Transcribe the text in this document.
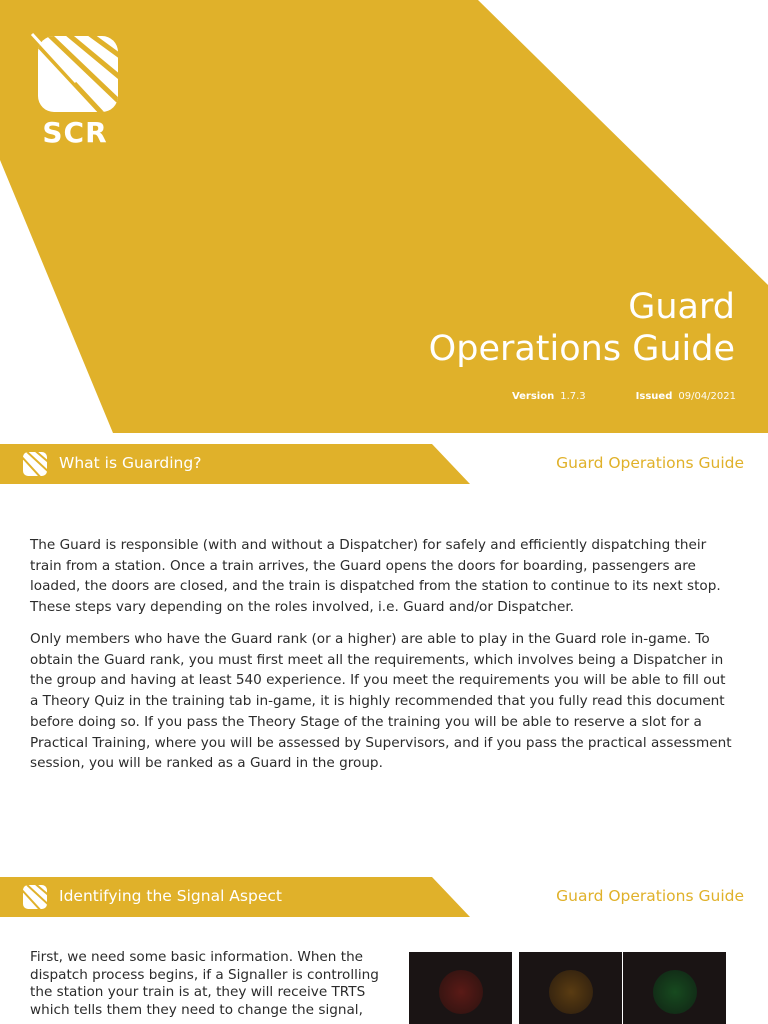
SCR
Guard
Operations Guide
Version 1.7.3	Issued 09/04/2021
What is Guarding?	Guard Operations Guide

The Guard is responsible (with and without a Dispatcher) for safely and efficiently dispatching their train from a station. Once a train arrives, the Guard opens the doors for boarding, passengers are loaded, the doors are closed, and the train is dispatched from the station to continue to its next stop. These steps vary depending on the roles involved, i.e. Guard and/or Dispatcher.

Only members who have the Guard rank (or a higher) are able to play in the Guard role in-game. To obtain the Guard rank, you must first meet all the requirements, which involves being a Dispatcher in the group and having at least 540 experience. If you meet the requirements you will be able to fill out a Theory Quiz in the training tab in-game, it is highly recommended that you fully read this document before doing so. If you pass the Theory Stage of the training you will be able to reserve a slot for a Practical Training, where you will be assessed by Supervisors, and if you pass the practical assessment session, you will be ranked as a Guard in the group.

Identifying the Signal Aspect	Guard Operations Guide

First, we need some basic information. When the dispatch process begins, if a Signaller is controlling the station your train is at, they will receive TRTS which tells them they need to change the signal,
